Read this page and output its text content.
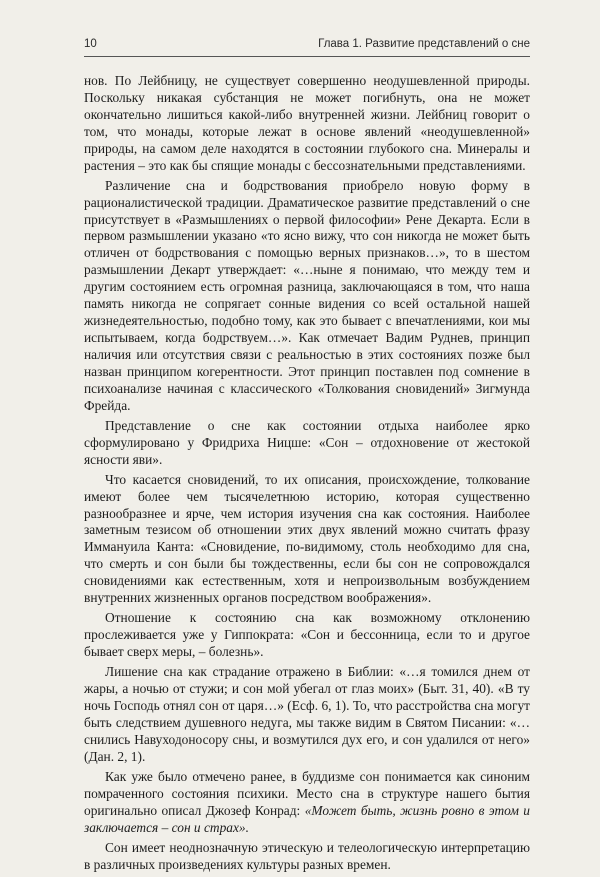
10	Глава 1. Развитие представлений о сне

нов. По Лейбницу, не существует совершенно неодушевленной природы. Поскольку никакая субстанция не может погибнуть, она не может окончательно лишиться какой-либо внутренней жизни. Лейбниц говорит о том, что монады, которые лежат в основе явлений «неодушевленной» природы, на самом деле находятся в состоянии глубокого сна. Минералы и растения – это как бы спящие монады с бессознательными представлениями.

Различение сна и бодрствования приобрело новую форму в рационалистической традиции. Драматическое развитие представлений о сне присутствует в «Размышлениях о первой философии» Рене Декарта. Если в первом размышлении указано «то ясно вижу, что сон никогда не может быть отличен от бодрствования с помощью верных признаков…», то в шестом размышлении Декарт утверждает: «…ныне я понимаю, что между тем и другим состоянием есть огромная разница, заключающаяся в том, что наша память никогда не сопрягает сонные видения со всей остальной нашей жизнедеятельностью, подобно тому, как это бывает с впечатлениями, кои мы испытываем, когда бодрствуем…». Как отмечает Вадим Руднев, принцип наличия или отсутствия связи с реальностью в этих состояниях позже был назван принципом когерентности. Этот принцип поставлен под сомнение в психоанализе начиная с классического «Толкования сновидений» Зигмунда Фрейда.

Представление о сне как состоянии отдыха наиболее ярко сформулировано у Фридриха Ницше: «Сон – отдохновение от жестокой ясности яви».

Что касается сновидений, то их описания, происхождение, толкование имеют более чем тысячелетнюю историю, которая существенно разнообразнее и ярче, чем история изучения сна как состояния. Наиболее заметным тезисом об отношении этих двух явлений можно считать фразу Иммануила Канта: «Сновидение, по-видимому, столь необходимо для сна, что смерть и сон были бы тождественны, если бы сон не сопровождался сновидениями как естественным, хотя и непроизвольным возбуждением внутренних жизненных органов посредством воображения».

Отношение к состоянию сна как возможному отклонению прослеживается уже у Гиппократа: «Сон и бессонница, если то и другое бывает сверх меры, – болезнь».

Лишение сна как страдание отражено в Библии: «…я томился днем от жары, а ночью от стужи; и сон мой убегал от глаз моих» (Быт. 31, 40). «В ту ночь Господь отнял сон от царя…» (Есф. 6, 1). То, что расстройства сна могут быть следствием душевного недуга, мы также видим в Святом Писании: «…снились Навуходоносору сны, и возмутился дух его, и сон удалился от него» (Дан. 2, 1).

Как уже было отмечено ранее, в буддизме сон понимается как синоним помраченного состояния психики. Место сна в структуре нашего бытия оригинально описал Джозеф Конрад: «Может быть, жизнь ровно в этом и заключается – сон и страх».

Сон имеет неоднозначную этическую и телеологическую интерпретацию в различных произведениях культуры разных времен.
